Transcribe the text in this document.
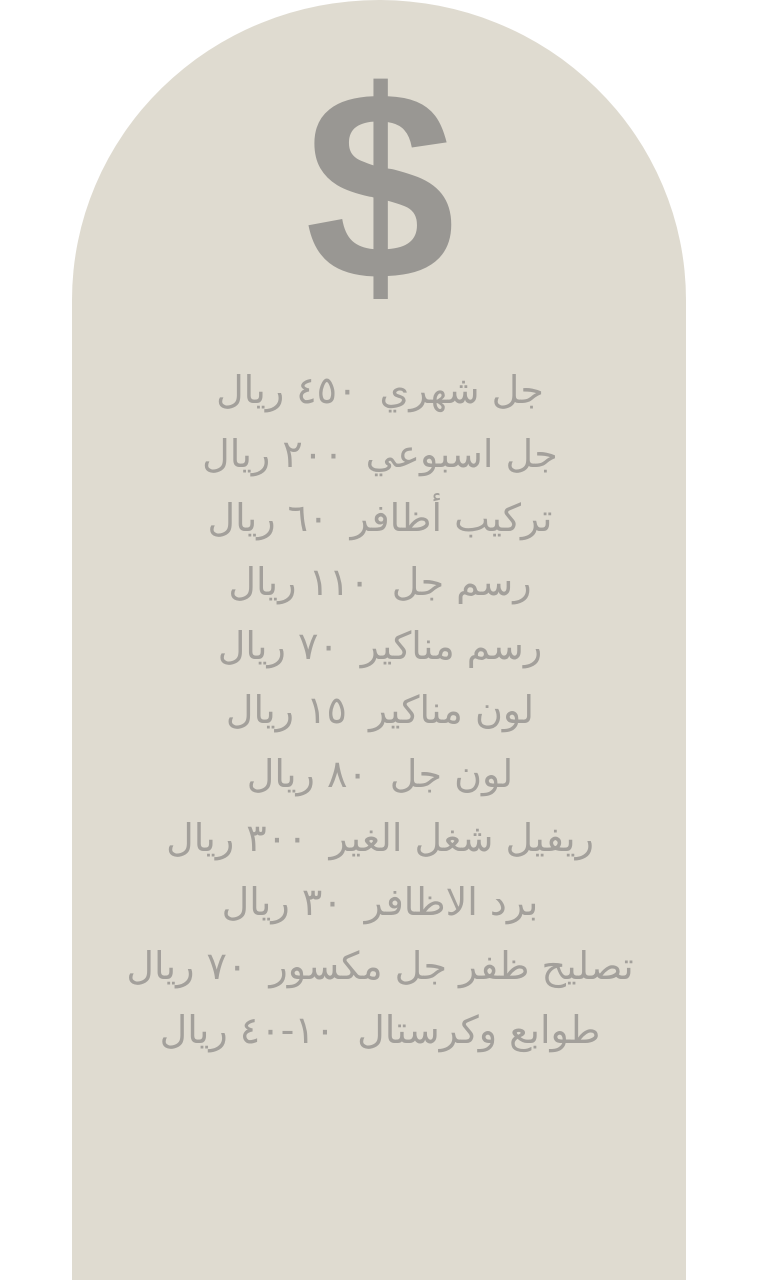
$
جل شهري٤٥٠ ريال
جل اسبوعي٢٠٠ ريال
تركيب أظافر٦٠ ريال
رسم جل١١٠ ريال
رسم مناكير٧٠ ريال
لون مناكير١٥ ريال
لون جل٨٠ ريال
ريفيل شغل الغير٣٠٠ ريال
برد الاظافر٣٠ ريال
تصليح ظفر جل مكسور٧٠ ريال
طوابع وكرستال١٠-٤٠ ريال
